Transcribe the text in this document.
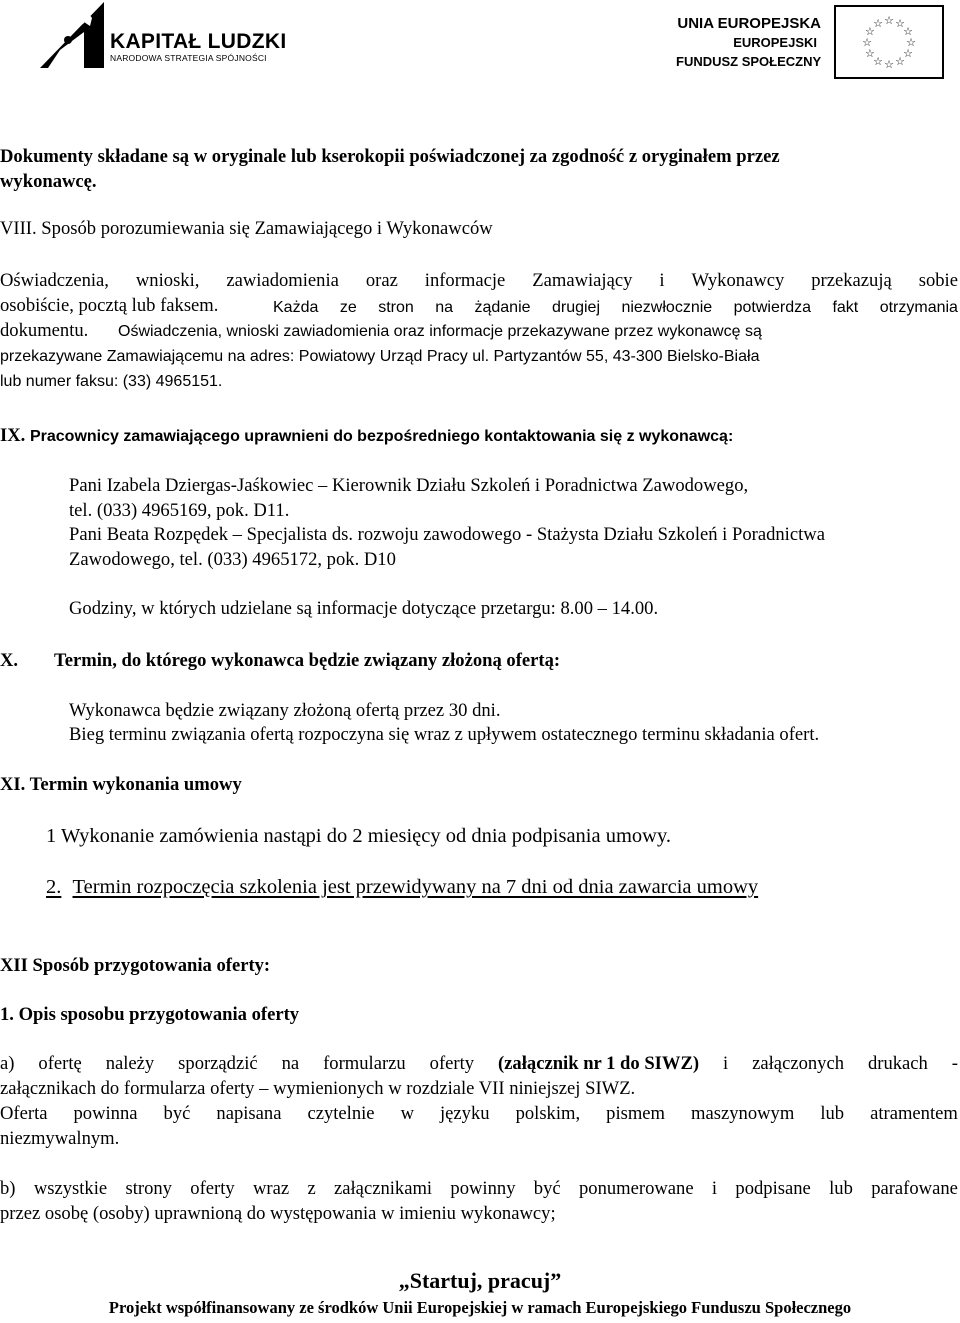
KAPITAŁ LUDZKI
NARODOWA STRATEGIA SPÓJNOŚCI
UNIA EUROPEJSKA
EUROPEJSKI
FUNDUSZ SPOŁECZNY
☆ ☆
☆
☆
☆
☆
☆
☆
☆
☆
☆
☆
Dokumenty składane są w oryginale lub kserokopii poświadczonej za zgodność z oryginałem przez
wykonawcę.
VIII. Sposób porozumiewania się Zamawiającego i Wykonawców
Oświadczenia, wnioski, zawiadomienia oraz informacje Zamawiający i Wykonawcy przekazują sobie
osobiście, pocztą lub faksem.	Każda ze stron na żądanie drugiej niezwłocznie potwierdza fakt otrzymania
dokumentu. Oświadczenia, wnioski zawiadomienia oraz informacje przekazywane przez wykonawcę są
przekazywane Zamawiającemu na adres: Powiatowy Urząd Pracy ul. Partyzantów 55, 43-300 Bielsko-Biała
lub numer faksu: (33) 4965151.
IX. Pracownicy zamawiającego uprawnieni do bezpośredniego kontaktowania się z wykonawcą:
Pani Izabela Dziergas-Jaśkowiec – Kierownik Działu Szkoleń i Poradnictwa Zawodowego,
tel. (033) 4965169, pok. D11.
Pani Beata Rozpędek – Specjalista ds. rozwoju zawodowego - Stażysta Działu Szkoleń i Poradnictwa
Zawodowego, tel. (033) 4965172, pok. D10
Godziny, w których udzielane są informacje dotyczące przetargu: 8.00 – 14.00.
X. Termin, do którego wykonawca będzie związany złożoną ofertą:
Wykonawca będzie związany złożoną ofertą przez 30 dni.
Bieg terminu związania ofertą rozpoczyna się wraz z upływem ostatecznego terminu składania ofert.
XI. Termin wykonania umowy
1 Wykonanie zamówienia nastąpi do 2 miesięcy od dnia podpisania umowy.
2. Termin rozpoczęcia szkolenia jest przewidywany na 7 dni od dnia zawarcia umowy
XII Sposób przygotowania oferty:
1. Opis sposobu przygotowania oferty
a) ofertę należy sporządzić na formularzu oferty (załącznik nr 1 do SIWZ) i załączonych drukach -
załącznikach do formularza oferty – wymienionych w rozdziale VII niniejszej SIWZ.
Oferta powinna być napisana czytelnie w języku polskim, pismem maszynowym lub atramentem
niezmywalnym.
b) wszystkie strony oferty wraz z załącznikami powinny być ponumerowane i podpisane lub parafowane
przez osobę (osoby) uprawnioną do występowania w imieniu wykonawcy;
„Startuj, pracuj”
Projekt współfinansowany ze środków Unii Europejskiej w ramach Europejskiego Funduszu Społecznego
